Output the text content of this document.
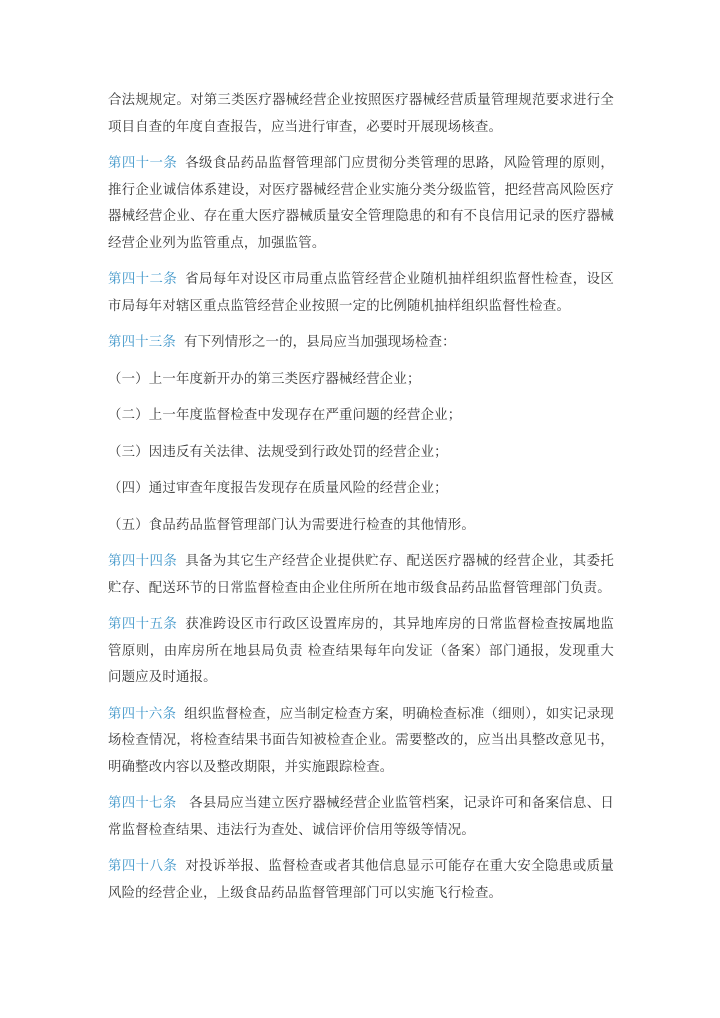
合法规规定。对第三类医疗器械经营企业按照医疗器械经营质量管理规范要求进行全项目自查的年度自查报告，应当进行审查，必要时开展现场核查。

第四十一条 各级食品药品监督管理部门应贯彻分类管理的思路，风险管理的原则，推行企业诚信体系建设，对医疗器械经营企业实施分类分级监管，把经营高风险医疗器械经营企业、存在重大医疗器械质量安全管理隐患的和有不良信用记录的医疗器械经营企业列为监管重点，加强监管。

第四十二条 省局每年对设区市局重点监管经营企业随机抽样组织监督性检查，设区市局每年对辖区重点监管经营企业按照一定的比例随机抽样组织监督性检查。

第四十三条 有下列情形之一的，县局应当加强现场检查：

（一）上一年度新开办的第三类医疗器械经营企业；

（二）上一年度监督检查中发现存在严重问题的经营企业；

（三）因违反有关法律、法规受到行政处罚的经营企业；

（四）通过审查年度报告发现存在质量风险的经营企业；

（五）食品药品监督管理部门认为需要进行检查的其他情形。

第四十四条 具备为其它生产经营企业提供贮存、配送医疗器械的经营企业，其委托贮存、配送环节的日常监督检查由企业住所所在地市级食品药品监督管理部门负责。

第四十五条 获准跨设区市行政区设置库房的，其异地库房的日常监督检查按属地监管原则，由库房所在地县局负责 检查结果每年向发证（备案）部门通报，发现重大问题应及时通报。

第四十六条 组织监督检查，应当制定检查方案，明确检查标准（细则），如实记录现场检查情况，将检查结果书面告知被检查企业。需要整改的，应当出具整改意见书，明确整改内容以及整改期限，并实施跟踪检查。

第四十七条 各县局应当建立医疗器械经营企业监管档案，记录许可和备案信息、日常监督检查结果、违法行为查处、诚信评价信用等级等情况。

第四十八条 对投诉举报、监督检查或者其他信息显示可能存在重大安全隐患或质量风险的经营企业，上级食品药品监督管理部门可以实施飞行检查。
